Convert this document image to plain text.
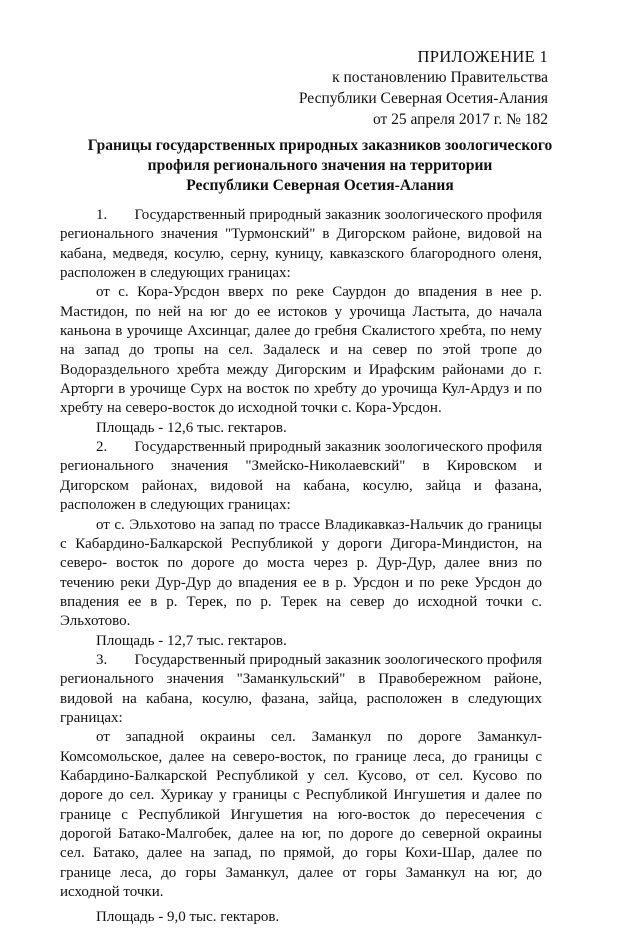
ПРИЛОЖЕНИЕ 1
к постановлению Правительства
Республики Северная Осетия-Алания
от 25 апреля 2017 г. № 182
Границы государственных природных заказников зоологического
профиля регионального значения на территории
Республики Северная Осетия-Алания

1.       Государственный природный заказник зоологического профиля регионального значения "Турмонский" в Дигорском районе, видовой на кабана, медведя, косулю, серну, куницу, кавказского благородного оленя, расположен в следующих границах:

от с. Кора-Урсдон вверх по реке Саурдон до впадения в нее р. Мастидон, по ней на юг до ее истоков у урочища Ластыта, до начала каньона в урочище Ахсинцаг, далее до гребня Скалистого хребта, по нему на запад до тропы на сел. Задалеск и на север по этой тропе до Водораздельного хребта между Дигорским и Ирафским районами до г. Арторги в урочище Сурх на восток по хребту до урочища Кул-Ардуз и по хребту на северо-восток до исходной точки с. Кора-Урсдон.

Площадь - 12,6 тыс. гектаров.

2.       Государственный природный заказник зоологического профиля регионального значения "Змейско-Николаевский" в Кировском и Дигорском районах, видовой на кабана, косулю, зайца и фазана, расположен в следующих границах:

от с. Эльхотово на запад по трассе Владикавказ-Нальчик до границы с Кабардино-Балкарской Республикой у дороги Дигора-Миндистон, на северо- восток по дороге до моста через р. Дур-Дур, далее вниз по течению реки Дур-Дур до впадения ее в р. Урсдон и по реке Урсдон до впадения ее в р. Терек, по р. Терек на север до исходной точки с. Эльхотово.

Площадь - 12,7 тыс. гектаров.

3.       Государственный природный заказник зоологического профиля регионального значения "Заманкульский" в Правобережном районе, видовой на кабана, косулю, фазана, зайца, расположен в следующих границах:

от западной окраины сел. Заманкул по дороге Заманкул-Комсомольское, далее на северо-восток, по границе леса, до границы с Кабардино-Балкарской Республикой у сел. Кусово, от сел. Кусово по дороге до сел. Хурикау у границы с Республикой Ингушетия и далее по границе с Республикой Ингушетия на юго-восток до пересечения с дорогой Батако-Малгобек, далее на юг, по дороге до северной окраины сел. Батако, далее на запад, по прямой, до горы Кохи-Шар, далее по границе леса, до горы Заманкул, далее от горы Заманкул на юг, до исходной точки.

Площадь - 9,0 тыс. гектаров.
